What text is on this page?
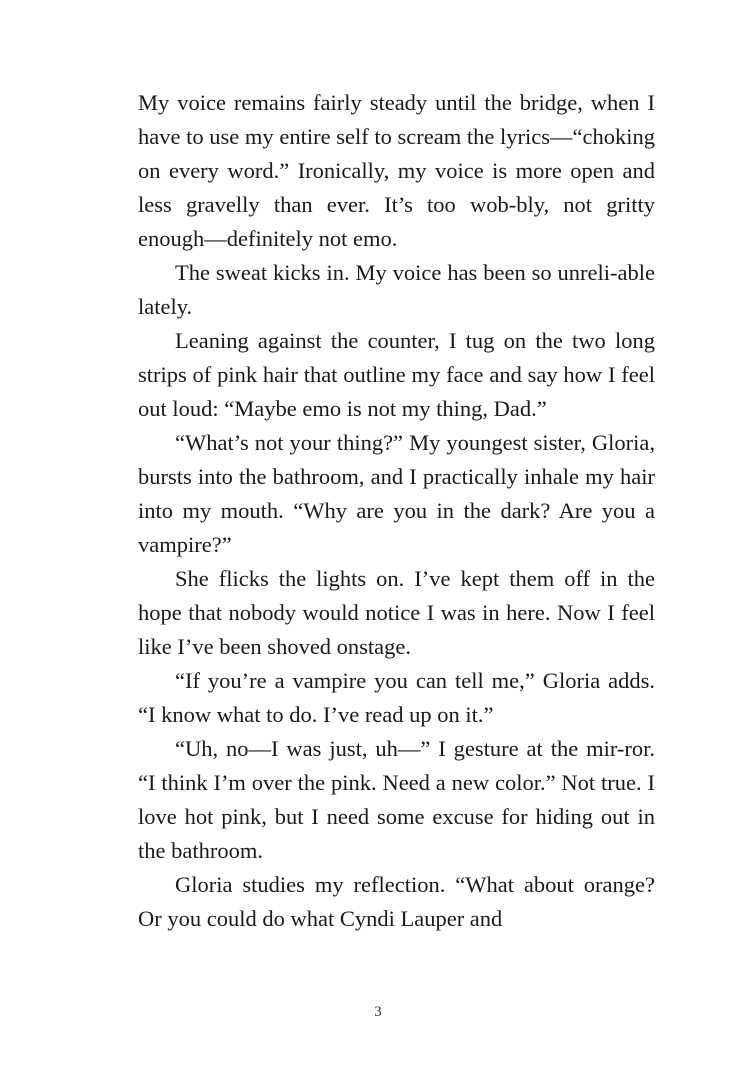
My voice remains fairly steady until the bridge, when I have to use my entire self to scream the lyrics—“choking on every word.” Ironically, my voice is more open and less gravelly than ever. It’s too wob-bly, not gritty enough—definitely not emo.

The sweat kicks in. My voice has been so unreli-able lately.

Leaning against the counter, I tug on the two long strips of pink hair that outline my face and say how I feel out loud: “Maybe emo is not my thing, Dad.”

“What’s not your thing?” My youngest sister, Gloria, bursts into the bathroom, and I practically inhale my hair into my mouth. “Why are you in the dark? Are you a vampire?”

She flicks the lights on. I’ve kept them off in the hope that nobody would notice I was in here. Now I feel like I’ve been shoved onstage.

“If you’re a vampire you can tell me,” Gloria adds. “I know what to do. I’ve read up on it.”

“Uh, no—I was just, uh—” I gesture at the mir-ror. “I think I’m over the pink. Need a new color.” Not true. I love hot pink, but I need some excuse for hiding out in the bathroom.

Gloria studies my reflection. “What about orange? Or you could do what Cyndi Lauper and

3
